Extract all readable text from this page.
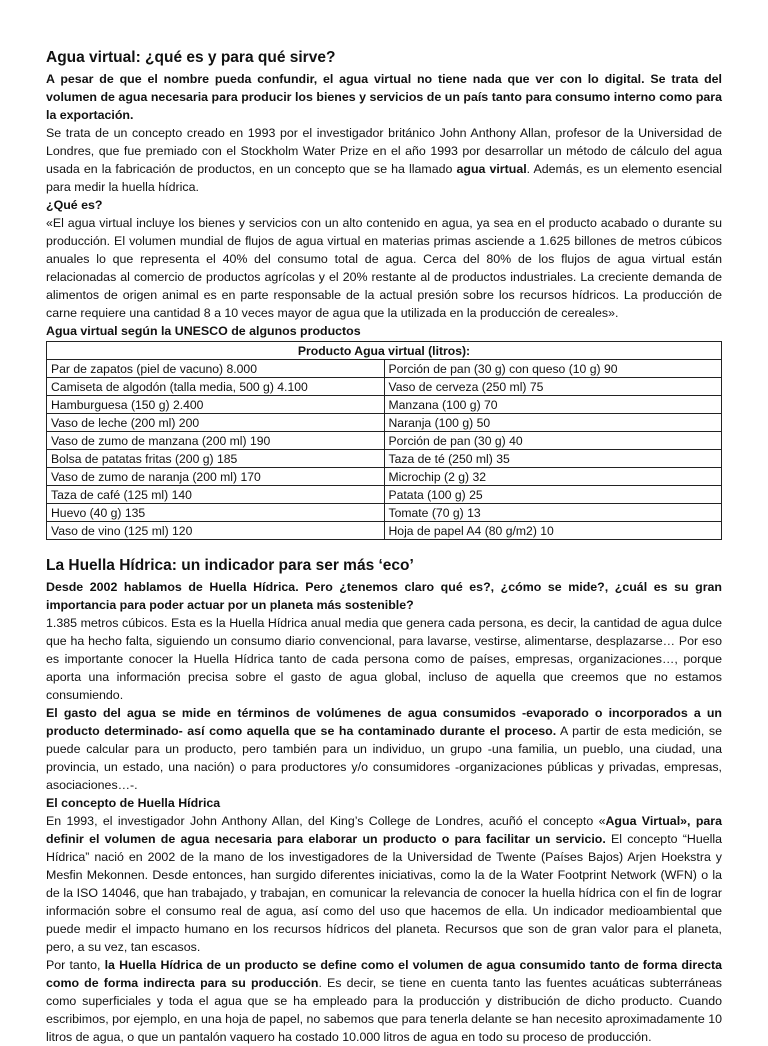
Agua virtual: ¿qué es y para qué sirve?

A pesar de que el nombre pueda confundir, el agua virtual no tiene nada que ver con lo digital. Se trata del volumen de agua necesaria para producir los bienes y servicios de un país tanto para consumo interno como para la exportación.

Se trata de un concepto creado en 1993 por el investigador británico John Anthony Allan, profesor de la Universidad de Londres, que fue premiado con el Stockholm Water Prize en el año 1993 por desarrollar un método de cálculo del agua usada en la fabricación de productos, en un concepto que se ha llamado agua virtual. Además, es un elemento esencial para medir la huella hídrica.

¿Qué es?

«El agua virtual incluye los bienes y servicios con un alto contenido en agua, ya sea en el producto acabado o durante su producción. El volumen mundial de flujos de agua virtual en materias primas asciende a 1.625 billones de metros cúbicos anuales lo que representa el 40% del consumo total de agua. Cerca del 80% de los flujos de agua virtual están relacionadas al comercio de productos agrícolas y el 20% restante al de productos industriales. La creciente demanda de alimentos de origen animal es en parte responsable de la actual presión sobre los recursos hídricos. La producción de carne requiere una cantidad 8 a 10 veces mayor de agua que la utilizada en la producción de cereales».

Agua virtual según la UNESCO de algunos productos

Producto Agua virtual (litros):	
Par de zapatos (piel de vacuno) 8.000	Porción de pan (30 g) con queso (10 g) 90
Camiseta de algodón (talla media, 500 g) 4.100	Vaso de cerveza (250 ml) 75
Hamburguesa (150 g) 2.400	Manzana (100 g) 70
Vaso de leche (200 ml) 200	Naranja (100 g) 50
Vaso de zumo de manzana (200 ml) 190	Porción de pan (30 g) 40
Bolsa de patatas fritas (200 g) 185	Taza de té (250 ml) 35
Vaso de zumo de naranja (200 ml) 170	Microchip (2 g) 32
Taza de café (125 ml) 140	Patata (100 g) 25
Huevo (40 g) 135	Tomate (70 g) 13
Vaso de vino (125 ml) 120	Hoja de papel A4 (80 g/m2) 10
La Huella Hídrica: un indicador para ser más ‘eco’

Desde 2002 hablamos de Huella Hídrica. Pero ¿tenemos claro qué es?, ¿cómo se mide?, ¿cuál es su gran importancia para poder actuar por un planeta más sostenible?

1.385 metros cúbicos. Esta es la Huella Hídrica anual media que genera cada persona, es decir, la cantidad de agua dulce que ha hecho falta, siguiendo un consumo diario convencional, para lavarse, vestirse, alimentarse, desplazarse… Por eso es importante conocer la Huella Hídrica tanto de cada persona como de países, empresas, organizaciones…, porque aporta una información precisa sobre el gasto de agua global, incluso de aquella que creemos que no estamos consumiendo.

El gasto del agua se mide en términos de volúmenes de agua consumidos -evaporado o incorporados a un producto determinado- así como aquella que se ha contaminado durante el proceso. A partir de esta medición, se puede calcular para un producto, pero también para un individuo, un grupo -una familia, un pueblo, una ciudad, una provincia, un estado, una nación) o para productores y/o consumidores -organizaciones públicas y privadas, empresas, asociaciones…-.

El concepto de Huella Hídrica

En 1993, el investigador John Anthony Allan, del King’s College de Londres, acuñó el concepto «Agua Virtual», para definir el volumen de agua necesaria para elaborar un producto o para facilitar un servicio. El concepto “Huella Hídrica” nació en 2002 de la mano de los investigadores de la Universidad de Twente (Países Bajos) Arjen Hoekstra y Mesfin Mekonnen. Desde entonces, han surgido diferentes iniciativas, como la de la Water Footprint Network (WFN) o la de la ISO 14046, que han trabajado, y trabajan, en comunicar la relevancia de conocer la huella hídrica con el fin de lograr información sobre el consumo real de agua, así como del uso que hacemos de ella. Un indicador medioambiental que puede medir el impacto humano en los recursos hídricos del planeta. Recursos que son de gran valor para el planeta, pero, a su vez, tan escasos.

Por tanto, la Huella Hídrica de un producto se define como el volumen de agua consumido tanto de forma directa como de forma indirecta para su producción. Es decir, se tiene en cuenta tanto las fuentes acuáticas subterráneas como superficiales y toda el agua que se ha empleado para la producción y distribución de dicho producto. Cuando escribimos, por ejemplo, en una hoja de papel, no sabemos que para tenerla delante se han necesito aproximadamente 10 litros de agua, o que un pantalón vaquero ha costado 10.000 litros de agua en todo su proceso de producción.
